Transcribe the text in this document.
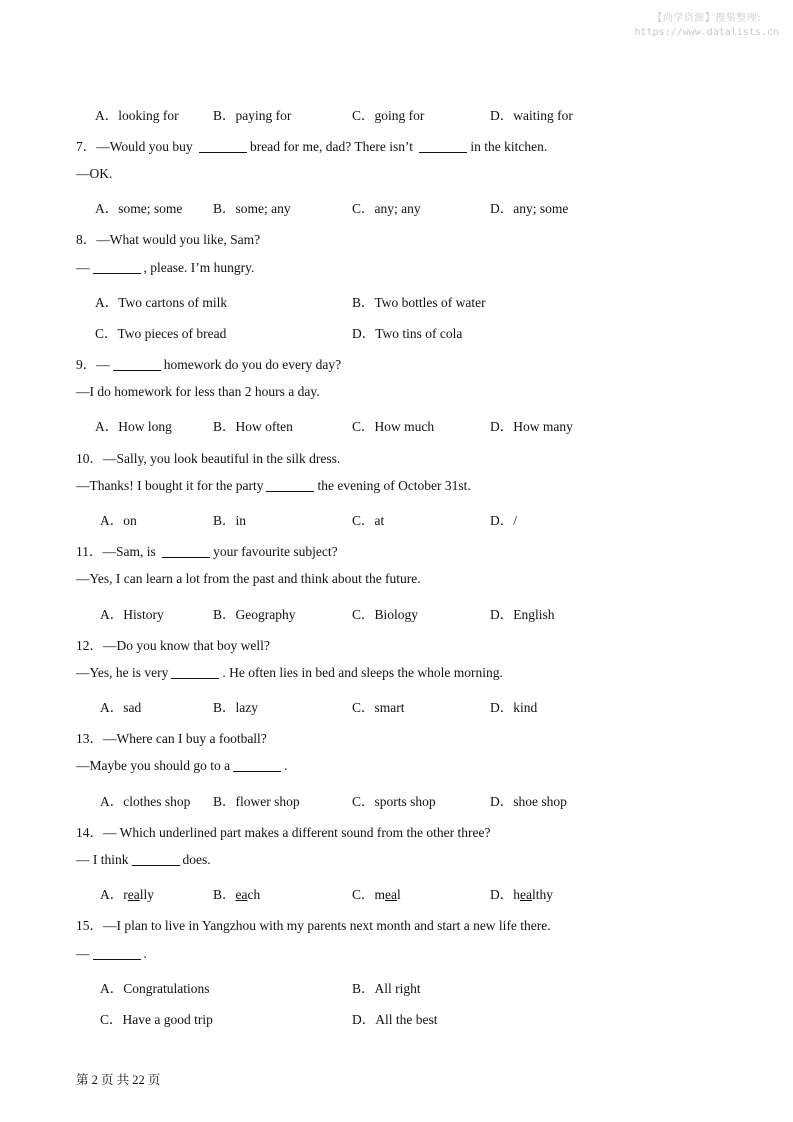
【尚学资源】搜集整理:
https://www.datalists.cn
A．looking for	B．paying for	C．going for	D．waiting for
7．—Would you buy	bread for me, dad? There isn’t	in the kitchen.
—OK.
A．some; some B．some; any	C．any; any	D．any; some
8．—What would you like, Sam?
—	, please. I’m hungry.
A．Two cartons of milk	B．Two bottles of water
C．Two pieces of bread	D．Two tins of cola
9．—	homework do you do every day?
—I do homework for less than 2 hours a day.
A．How long	B．How often	C．How much	D．How many
10．—Sally, you look beautiful in the silk dress.
—Thanks! I bought it for the party	the evening of October 31st.
A．on	B．in	C．at	D．/
11．—Sam, is	your favourite subject?
—Yes, I can learn a lot from the past and think about the future.
A．History	B．Geography	C．Biology	D．English
12．—Do you know that boy well?
—Yes, he is very	. He often lies in bed and sleeps the whole morning.
A．sad	B．lazy	C．smart	D．kind
13．—Where can I buy a football?
—Maybe you should go to a	.
A．clothes shop B．flower shop	C．sports shop	D．shoe shop
14．— Which underlined part makes a different sound from the other three?
— I think	does.
A．really	B．each	C．meal	D．healthy
15．—I plan to live in Yangzhou with my parents next month and start a new life there.
—	.
A．Congratulations	B．All right
C．Have a good trip	D．All the best
第 2 页 共 22 页
